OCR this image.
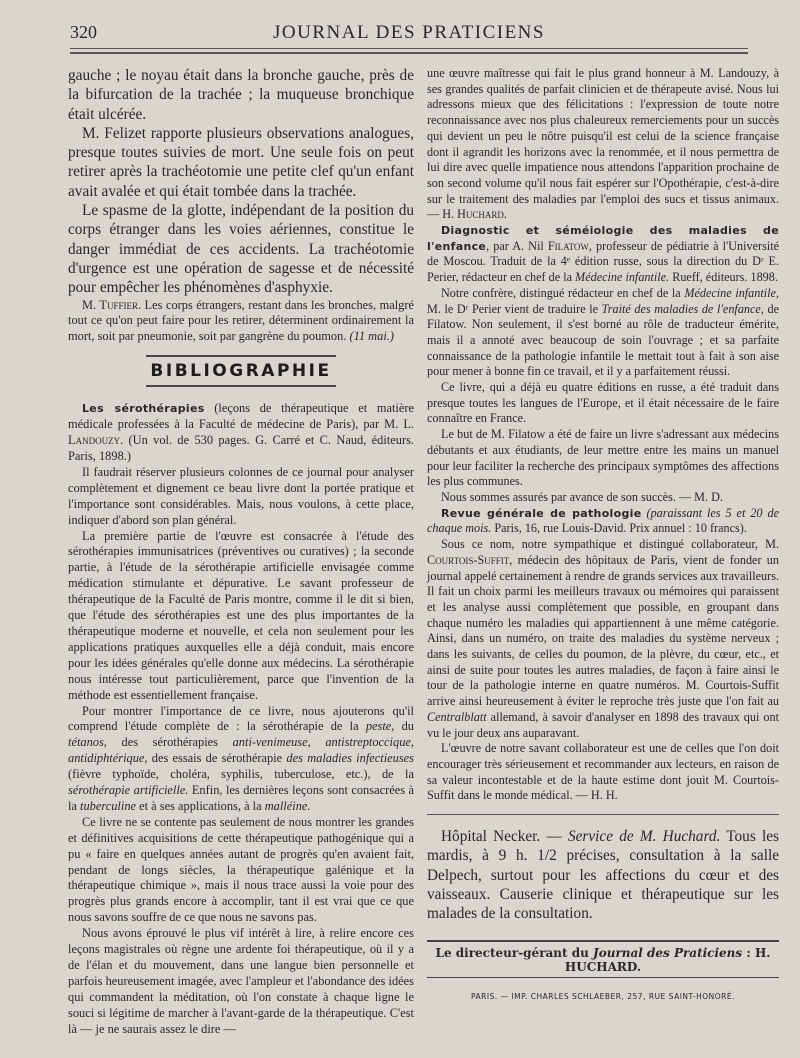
320	JOURNAL DES PRATICIENS

gauche ; le noyau était dans la bronche gauche, près de la bifurcation de la trachée ; la muqueuse bronchique était ulcérée.

M. Felizet rapporte plusieurs observations analogues, presque toutes suivies de mort. Une seule fois on peut retirer après la trachéotomie une petite clef qu'un enfant avait avalée et qui était tombée dans la trachée.

Le spasme de la glotte, indépendant de la position du corps étranger dans les voies aériennes, constitue le danger immédiat de ces accidents. La trachéotomie d'urgence est une opération de sagesse et de nécessité pour empêcher les phénomènes d'asphyxie.

M. Tuffier. Les corps étrangers, restant dans les bronches, malgré tout ce qu'on peut faire pour les retirer, déterminent ordinairement la mort, soit par pneumonie, soit par gangrène du poumon. (11 mai.)

BIBLIOGRAPHIE

Les sérothérapies (leçons de thérapeutique et matière médicale professées à la Faculté de médecine de Paris), par M. L. Landouzy. (Un vol. de 530 pages. G. Carré et C. Naud, éditeurs. Paris, 1898.)

Il faudrait réserver plusieurs colonnes de ce journal pour analyser complètement et dignement ce beau livre dont la portée pratique et l'importance sont considérables. Mais, nous voulons, à cette place, indiquer d'abord son plan général.

La première partie de l'œuvre est consacrée à l'étude des sérothérapies immunisatrices (préventives ou curatives) ; la seconde partie, à l'étude de la sérothérapie artificielle envisagée comme médication stimulante et dépurative. Le savant professeur de thérapeutique de la Faculté de Paris montre, comme il le dit si bien, que l'étude des sérothérapies est une des plus importantes de la thérapeutique moderne et nouvelle, et cela non seulement pour les applications pratiques auxquelles elle a déjà conduit, mais encore pour les idées générales qu'elle donne aux médecins. La sérothérapie nous intéresse tout particulièrement, parce que l'invention de la méthode est essentiellement française.

Pour montrer l'importance de ce livre, nous ajouterons qu'il comprend l'étude complète de : la sérothérapie de la peste, du tétanos, des sérothérapies anti-venimeuse, antistreptoccique, antidiphtérique, des essais de sérothérapie des maladies infectieuses (fièvre typhoïde, choléra, syphilis, tuberculose, etc.), de la sérothérapie artificielle. Enfin, les dernières leçons sont consacrées à la tuberculine et à ses applications, à la malléine.

Ce livre ne se contente pas seulement de nous montrer les grandes et définitives acquisitions de cette thérapeutique pathogénique qui a pu « faire en quelques années autant de progrès qu'en avaient fait, pendant de longs siècles, la thérapeutique galénique et la thérapeutique chimique », mais il nous trace aussi la voie pour des progrès plus grands encore à accomplir, tant il est vrai que ce que nous savons souffre de ce que nous ne savons pas.

Nous avons éprouvé le plus vif intérêt à lire, à relire encore ces leçons magistrales où règne une ardente foi thérapeutique, où il y a de l'élan et du mouvement, dans une langue bien personnelle et parfois heureusement imagée, avec l'ampleur et l'abondance des idées qui commandent la méditation, où l'on constate à chaque ligne le souci si légitime de marcher à l'avant-garde de la thérapeutique. C'est là — je ne saurais assez le dire —

une œuvre maîtresse qui fait le plus grand honneur à M. Landouzy, à ses grandes qualités de parfait clinicien et de thérapeute avisé. Nous lui adressons mieux que des félicitations : l'expression de toute notre reconnaissance avec nos plus chaleureux remerciements pour un succès qui devient un peu le nôtre puisqu'il est celui de la science française dont il agrandit les horizons avec la renommée, et il nous permettra de lui dire avec quelle impatience nous attendons l'apparition prochaine de son second volume qu'il nous fait espérer sur l'Opothérapie, c'est-à-dire sur le traitement des maladies par l'emploi des sucs et tissus animaux. — H. Huchard.

Diagnostic et séméiologie des maladies de l'enfance, par A. Nil Filatow, professeur de pédiatrie à l'Université de Moscou. Traduit de la 4ᵉ édition russe, sous la direction du Dʳ E. Perier, rédacteur en chef de la Médecine infantile. Rueff, éditeurs. 1898.

Notre confrère, distingué rédacteur en chef de la Médecine infantile, M. le Dʳ Perier vient de traduire le Traité des maladies de l'enfance, de Filatow. Non seulement, il s'est borné au rôle de traducteur émérite, mais il a annoté avec beaucoup de soin l'ouvrage ; et sa parfaite connaissance de la pathologie infantile le mettait tout à fait à son aise pour mener à bonne fin ce travail, et il y a parfaitement réussi.

Ce livre, qui a déjà eu quatre éditions en russe, a été traduit dans presque toutes les langues de l'Europe, et il était nécessaire de le faire connaître en France.

Le but de M. Filatow a été de faire un livre s'adressant aux médecins débutants et aux étudiants, de leur mettre entre les mains un manuel pour leur faciliter la recherche des principaux symptômes des affections les plus communes.

Nous sommes assurés par avance de son succès. — M. D.

Revue générale de pathologie (paraissant les 5 et 20 de chaque mois. Paris, 16, rue Louis-David. Prix annuel : 10 francs).

Sous ce nom, notre sympathique et distingué collaborateur, M. Courtois-Suffit, médecin des hôpitaux de Paris, vient de fonder un journal appelé certainement à rendre de grands services aux travailleurs. Il fait un choix parmi les meilleurs travaux ou mémoires qui paraissent et les analyse aussi complètement que possible, en groupant dans chaque numéro les maladies qui appartiennent à une même catégorie. Ainsi, dans un numéro, on traite des maladies du système nerveux ; dans les suivants, de celles du poumon, de la plèvre, du cœur, etc., et ainsi de suite pour toutes les autres maladies, de façon à faire ainsi le tour de la pathologie interne en quatre numéros. M. Courtois-Suffit arrive ainsi heureusement à éviter le reproche très juste que l'on fait au Centralblatt allemand, à savoir d'analyser en 1898 des travaux qui ont vu le jour deux ans auparavant.

L'œuvre de notre savant collaborateur est une de celles que l'on doit encourager très sérieusement et recommander aux lecteurs, en raison de sa valeur incontestable et de la haute estime dont jouit M. Courtois-Suffit dans le monde médical. — H. H.

Hôpital Necker. — Service de M. Huchard. Tous les mardis, à 9 h. 1/2 précises, consultation à la salle Delpech, surtout pour les affections du cœur et des vaisseaux. Causerie clinique et thérapeutique sur les malades de la consultation.

Le directeur-gérant du Journal des Praticiens : H. HUCHARD.
PARIS. — IMP. CHARLES SCHLAEBER, 257, RUE SAINT-HONORÉ.
